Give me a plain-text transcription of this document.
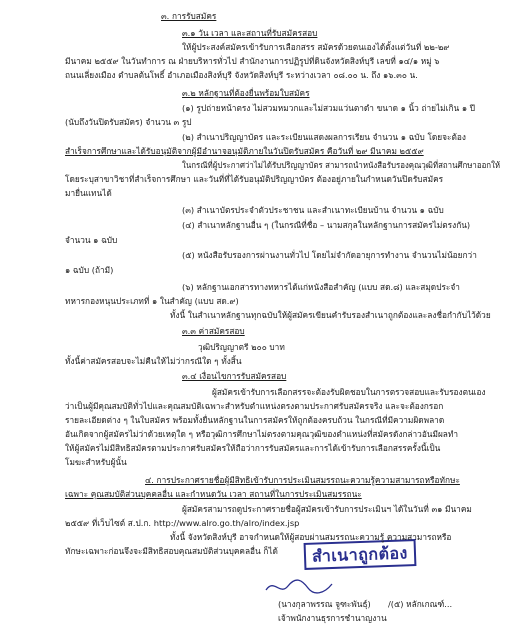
สำเนาถูกต้อง
๓. การรับสมัคร
๓.๑ วัน เวลา และสถานที่รับสมัครสอบ
ให้ผู้ประสงค์สมัครเข้ารับการเลือกสรร สมัครด้วยตนเองได้ตั้งแต่วันที่ ๒๒-๒๙
มีนาคม ๒๕๕๙ ในวันทำการ ณ ฝ่ายบริหารทั่วไป สำนักงานการปฏิรูปที่ดินจังหวัดสิงห์บุรี เลขที่ ๑๔/๑ หมู่ ๖
ถนนเลี่ยงเมือง ตำบลต้นโพธิ์ อำเภอเมืองสิงห์บุรี จังหวัดสิงห์บุรี ระหว่างเวลา ๐๘.๐๐ น. ถึง ๑๖.๓๐ น.
๓.๒ หลักฐานที่ต้องยื่นพร้อมใบสมัคร
(๑) รูปถ่ายหน้าตรง ไม่สวมหมวกและไม่สวมแว่นตาดำ ขนาด ๑ นิ้ว ถ่ายไม่เกิน ๑ ปี
(นับถึงวันปิดรับสมัคร) จำนวน ๓ รูป
(๒) สำเนาปริญญาบัตร และระเบียนแสดงผลการเรียน จำนวน ๑ ฉบับ โดยจะต้อง
สำเร็จการศึกษาและได้รับอนุมัติจากผู้มีอำนาจอนุมัติภายในวันปิดรับสมัคร คือวันที่ ๒๙ มีนาคม ๒๕๕๙
ในกรณีที่ผู้ประกาศว่าไม่ได้รับปริญญาบัตร สามารถนำหนังสือรับรองคุณวุฒิที่สถานศึกษาออกให้
โดยระบุสาขาวิชาที่สำเร็จการศึกษา และวันที่ที่ได้รับอนุมัติปริญญาบัตร ต้องอยู่ภายในกำหนดวันปิดรับสมัคร
มายื่นแทนได้
(๓) สำเนาบัตรประจำตัวประชาชน และสำเนาทะเบียนบ้าน จำนวน ๑ ฉบับ
(๔) สำเนาหลักฐานอื่น ๆ (ในกรณีที่ชื่อ – นามสกุลในหลักฐานการสมัครไม่ตรงกัน)
จำนวน ๑ ฉบับ
(๕) หนังสือรับรองการผ่านงานทั่วไป โดยไม่จำกัดอายุการทำงาน จำนวนไม่น้อยกว่า
๑ ฉบับ (ถ้ามี)
(๖) หลักฐานเอกสารทางทหารได้แก่หนังสือสำคัญ (แบบ สด.๘) และสมุดประจำ
ทหารกองหนุนประเภทที่ ๑ ในสำคัญ (แบบ สด.๙)
ทั้งนี้ ในสำเนาหลักฐานทุกฉบับให้ผู้สมัครเขียนคำรับรองสำเนาถูกต้องและลงชื่อกำกับไว้ด้วย
๓.๓ ค่าสมัครสอบ
วุฒิปริญญาตรี ๒๐๐ บาท
ทั้งนี้ค่าสมัครสอบจะไม่คืนให้ไม่ว่ากรณีใด ๆ ทั้งสิ้น
๓.๔ เงื่อนไขการรับสมัครสอบ
ผู้สมัครเข้ารับการเลือกสรรจะต้องรับผิดชอบในการตรวจสอบและรับรองตนเอง
ว่าเป็นผู้มีคุณสมบัติทั่วไปและคุณสมบัติเฉพาะสำหรับตำแหน่งตรงตามประกาศรับสมัครจริง และจะต้องกรอก
รายละเอียดต่าง ๆ ในใบสมัคร พร้อมทั้งยื่นหลักฐานในการสมัครให้ถูกต้องครบถ้วน ในกรณีที่มีความผิดพลาด
อันเกิดจากผู้สมัครไม่ว่าด้วยเหตุใด ๆ หรือวุฒิการศึกษาไม่ตรงตามคุณวุฒิของตำแหน่งที่สมัครดังกล่าวอันมีผลทำ
ให้ผู้สมัครไม่มีสิทธิสมัครตามประกาศรับสมัครให้ถือว่าการรับสมัครและการได้เข้ารับการเลือกสรรครั้งนี้เป็น
โมฆะสำหรับผู้นั้น
๔. การประกาศรายชื่อผู้มีสิทธิเข้ารับการประเมินสมรรถนะความรู้ความสามารถหรือทักษะ
เฉพาะ คุณสมบัติส่วนบุคคลอื่น และกำหนดวัน เวลา สถานที่ในการประเมินสมรรถนะ
ผู้สมัครสามารถดูประกาศรายชื่อผู้สมัครเข้ารับการประเมินฯ ได้ในวันที่ ๓๑ มีนาคม
๒๕๕๙ ที่เว็บไซต์ ส.ป.ก. http://www.alro.go.th/alro/index.jsp
ทั้งนี้ จังหวัดสิงห์บุรี อาจกำหนดให้ผู้สอบผ่านสมรรถนะความรู้ ความสามารถหรือ
ทักษะเฉพาะก่อนจึงจะมีสิทธิสอบคุณสมบัติส่วนบุคคลอื่น ก็ได้
(นางกุลาพรรณ จูฑะพันธุ์)
เจ้าพนักงานธุรการชำนาญงาน
/(๕) หลักเกณฑ์...
